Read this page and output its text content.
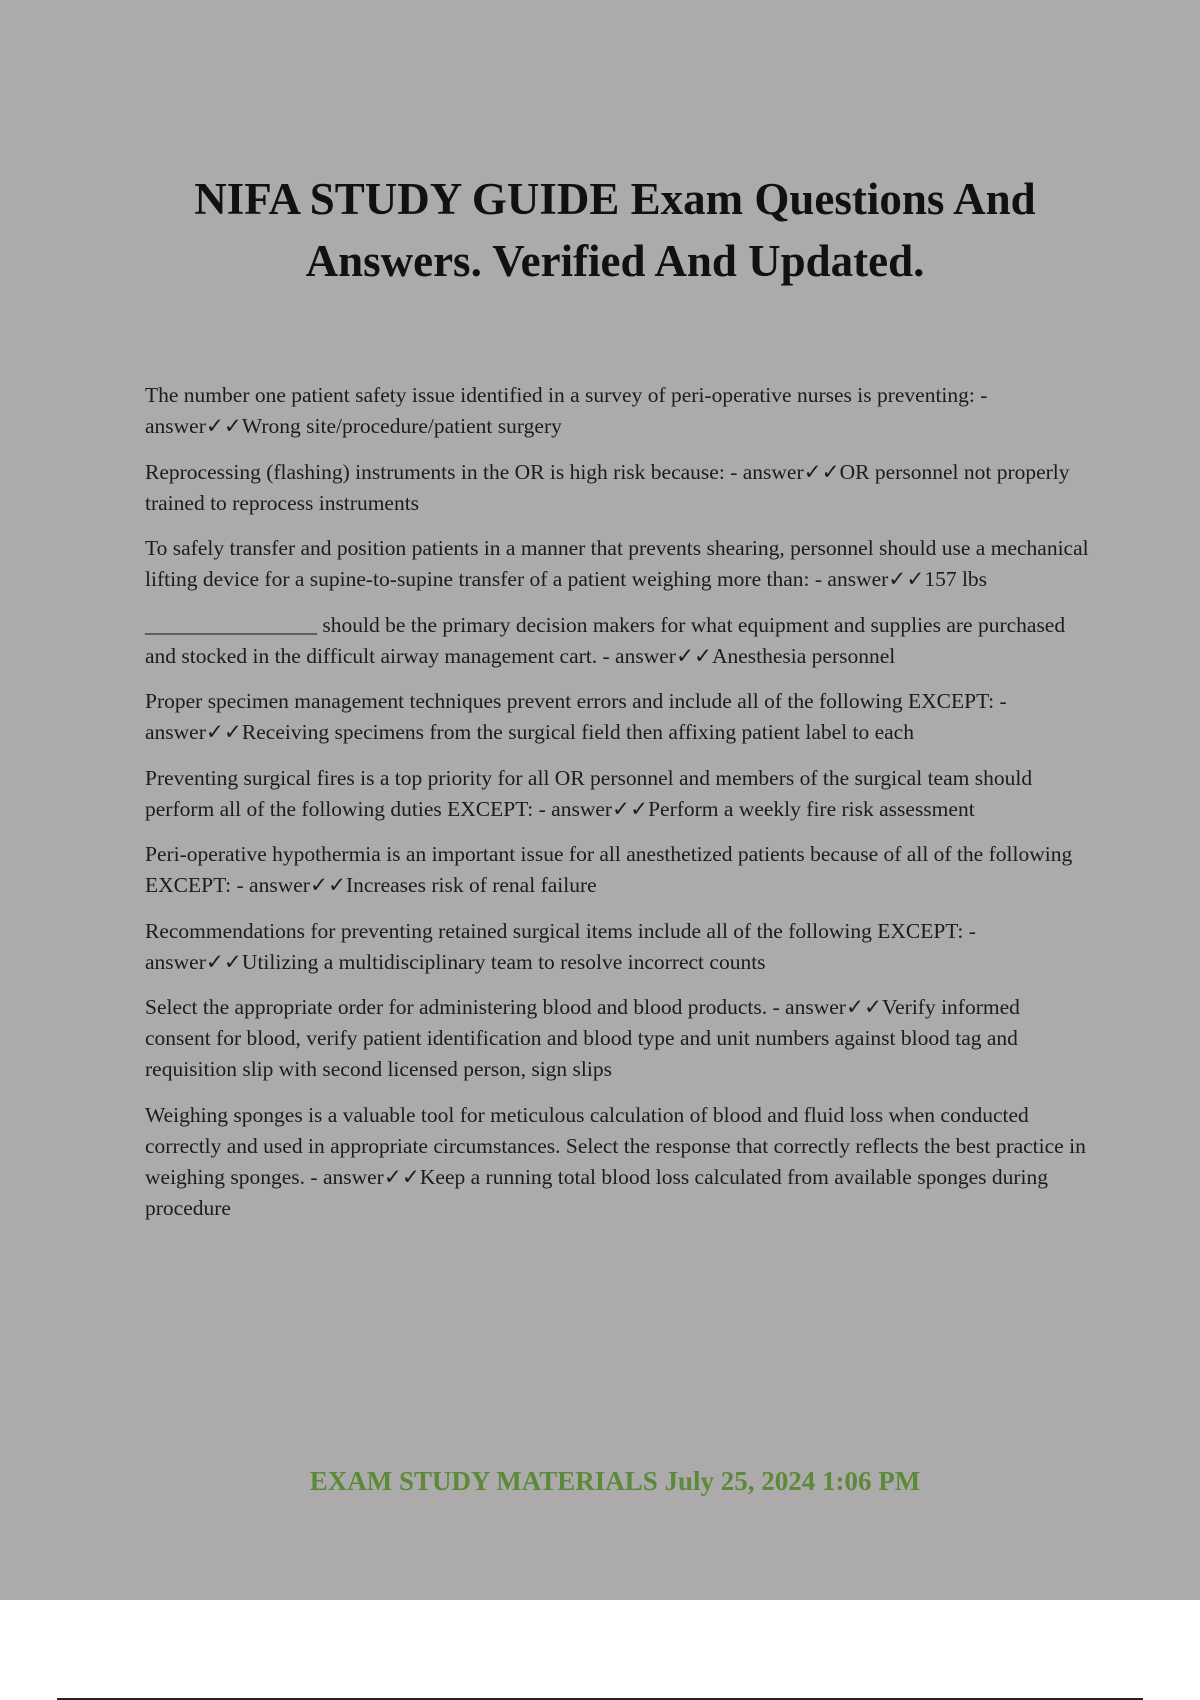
NIFA STUDY GUIDE Exam Questions And Answers. Verified And Updated.

The number one patient safety issue identified in a survey of peri-operative nurses is preventing: - answer✓✓Wrong site/procedure/patient surgery

Reprocessing (flashing) instruments in the OR is high risk because: - answer✓✓OR personnel not properly trained to reprocess instruments

To safely transfer and position patients in a manner that prevents shearing, personnel should use a mechanical lifting device for a supine-to-supine transfer of a patient weighing more than: - answer✓✓157 lbs

________________ should be the primary decision makers for what equipment and supplies are purchased and stocked in the difficult airway management cart. - answer✓✓Anesthesia personnel

Proper specimen management techniques prevent errors and include all of the following EXCEPT: - answer✓✓Receiving specimens from the surgical field then affixing patient label to each

Preventing surgical fires is a top priority for all OR personnel and members of the surgical team should perform all of the following duties EXCEPT: - answer✓✓Perform a weekly fire risk assessment

Peri-operative hypothermia is an important issue for all anesthetized patients because of all of the following EXCEPT: - answer✓✓Increases risk of renal failure

Recommendations for preventing retained surgical items include all of the following EXCEPT: - answer✓✓Utilizing a multidisciplinary team to resolve incorrect counts

Select the appropriate order for administering blood and blood products. - answer✓✓Verify informed consent for blood, verify patient identification and blood type and unit numbers against blood tag and requisition slip with second licensed person, sign slips

Weighing sponges is a valuable tool for meticulous calculation of blood and fluid loss when conducted correctly and used in appropriate circumstances. Select the response that correctly reflects the best practice in weighing sponges. - answer✓✓Keep a running total blood loss calculated from available sponges during procedure

EXAM STUDY MATERIALS July 25, 2024 1:06 PM
